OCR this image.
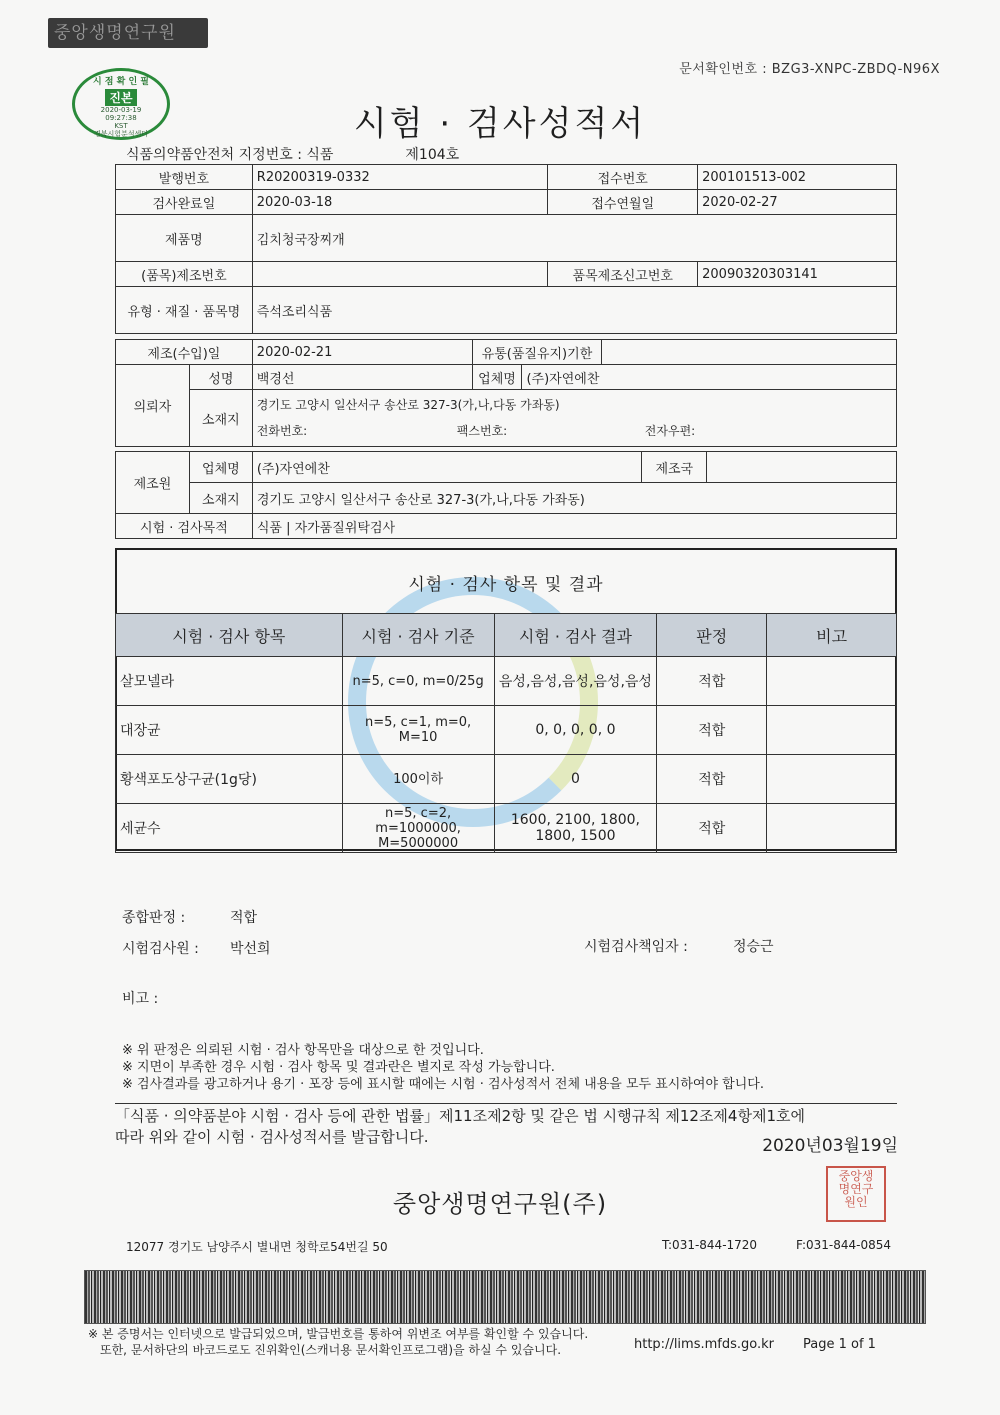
중앙생명연구원
문서확인번호 : BZG3-XNPC-ZBDQ-N96X
시 점 확 인 필
진본
2020-03-19
09:27:38
KST
경북시험분석센터	시험 · 검사성적서
식품의약품안전처 지정번호 : 식품	제104호
발행번호	R20200319-0332	접수번호	200101513-002
검사완료일	2020-03-18	접수연월일	2020-02-27
제품명	김치청국장찌개		
(품목)제조번호		품목제조신고번호	20090320303141
유형 · 재질 · 품목명	즉석조리식품		
제조(수입)일		2020-02-21	유통(품질유지)기한		
의뢰자	성명	백경선	업체명	(주)자연에찬	
	소재지	경기도 고양시 일산서구 송산로 327-3(가,나,다동 가좌동)
전화번호: 팩스번호: 전자우편:			
제조원	업체명	(주)자연에찬	제조국	
	소재지	경기도 고양시 일산서구 송산로 327-3(가,나,다동 가좌동)		
시험 · 검사목적		식품 | 자가품질위탁검사		
시험 · 검사 항목 및 결과
시험 · 검사 항목	시험 · 검사 기준	시험 · 검사 결과	판정	비고
살모넬라	n=5, c=0, m=0/25g	음성,음성,음성,음성,음성	적합	
대장균	n=5, c=1, m=0, M=10	0, 0, 0, 0, 0	적합	
황색포도상구균(1g당)	100이하	0	적합	
세균수	n=5, c=2, m=1000000, M=5000000	1600, 2100, 1800, 1800, 1500	적합	
종합판정 :	적합
시험검사원 : 박선희	시험검사책임자 :	정승근
비고 :
※ 위 판정은 의뢰된 시험 · 검사 항목만을 대상으로 한 것입니다.
※ 지면이 부족한 경우 시험 · 검사 항목 및 결과란은 별지로 작성 가능합니다.
※ 검사결과를 광고하거나 용기 · 포장 등에 표시할 때에는 시험 · 검사성적서 전체 내용을 모두 표시하여야 합니다.
「식품 · 의약품분야 시험 · 검사 등에 관한 법률」제11조제2항 및 같은 법 시행규칙 제12조제4항제1호에
따라 위와 같이 시험 · 검사성적서를 발급합니다.	2020년03월19일
중앙생명연구원(주)
중앙생
명연구
원인
12077 경기도 남양주시 별내면 청학로54번길 50	T:031-844-1720	F:031-844-0854
※ 본 증명서는 인터넷으로 발급되었으며, 발급번호를 통하여 위변조 여부를 확인할 수 있습니다.
또한, 문서하단의 바코드로도 진위확인(스캐너용 문서확인프로그램)을 하실 수 있습니다.	http://lims.mfds.go.kr Page 1 of 1
